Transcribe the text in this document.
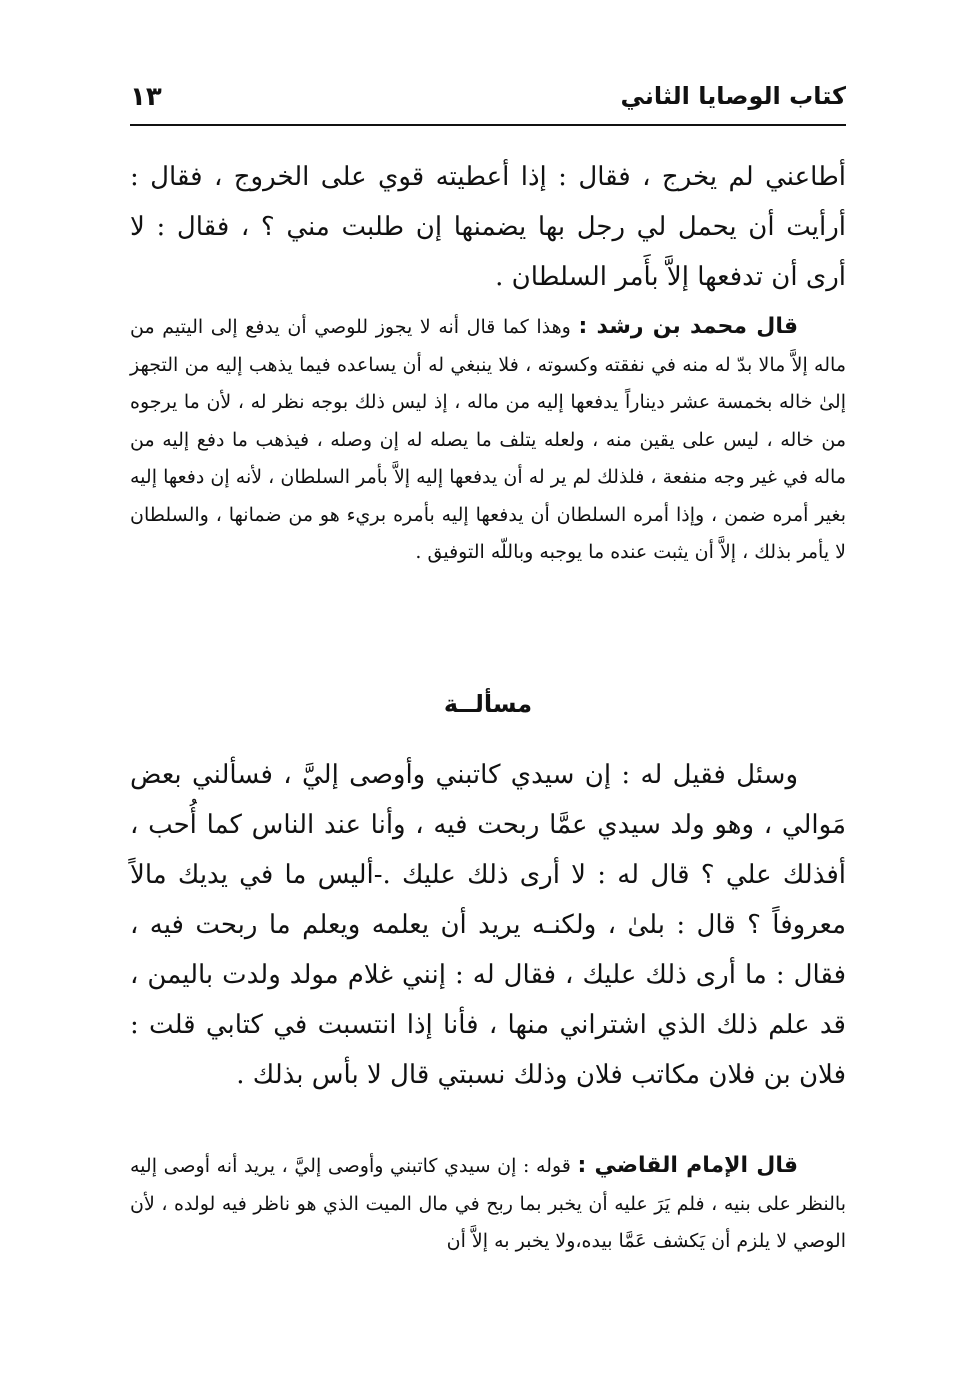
كتاب الوصايا الثاني
١٣

أطاعني لم يخرج ، فقال : إذا أعطيته قوي على الخروج ، فقال : أرأيت أن يحمل لي رجل بها يضمنها إن طلبت مني ؟ ، فقال : لا أرى أن تدفعها إلاَّ بأَمر السلطان .

قال محمد بن رشد : وهذا كما قال أنه لا يجوز للوصي أن يدفع إلى اليتيم من ماله إلاَّ مالا بدّ له منه في نفقته وكسوته ، فلا ينبغي له أن يساعده فيما يذهب إليه من التجهز إلىٰ خاله بخمسة عشر ديناراً يدفعها إليه من ماله ، إذ ليس ذلك بوجه نظر له ، لأن ما يرجوه من خاله ، ليس على يقين منه ، ولعله يتلف ما يصله له إن وصله ، فيذهب ما دفع إليه من ماله في غير وجه منفعة ، فلذلك لم ير له أن يدفعها إليه إلاَّ بأمر السلطان ، لأنه إن دفعها إليه بغير أمره ضمن ، وإذا أمره السلطان أن يدفعها إليه بأمره بريء هو من ضمانها ، والسلطان لا يأمر بذلك ، إلاَّ أن يثبت عنده ما يوجبه وباللّه التوفيق .

مسألــة

وسئل فقيل له : إن سيدي كاتبني وأوصى إليَّ ، فسألني بعض مَوالي ، وهو ولد سيدي عمَّا ربحت فيه ، وأنا عند الناس كما أُحب ، أفذلك علي ؟ قال له : لا أرى ذلك عليك .-أليس ما في يديك مالاً معروفاً ؟ قال : بلىٰ ، ولكنـه يريد أن يعلمه ويعلم ما ربحت فيه ، فقال : ما أرى ذلك عليك ، فقال له : إنني غلام مولد ولدت باليمن ، قد علم ذلك الذي اشتراني منها ، فأنا إذا انتسبت في كتابي قلت : فلان بن فلان مكاتب فلان وذلك نسبتي قال لا بأس بذلك .

قال الإمام القاضي : قوله : إن سيدي كاتبني وأوصى إليَّ ، يريد أنه أوصى إليه بالنظر على بنيه ، فلم يَرَ عليه أن يخبر بما ربح في مال الميت الذي هو ناظر فيه لولده ، لأن الوصي لا يلزم أن يَكشف عَمَّا بيده،ولا يخبر به إلاَّ أن
